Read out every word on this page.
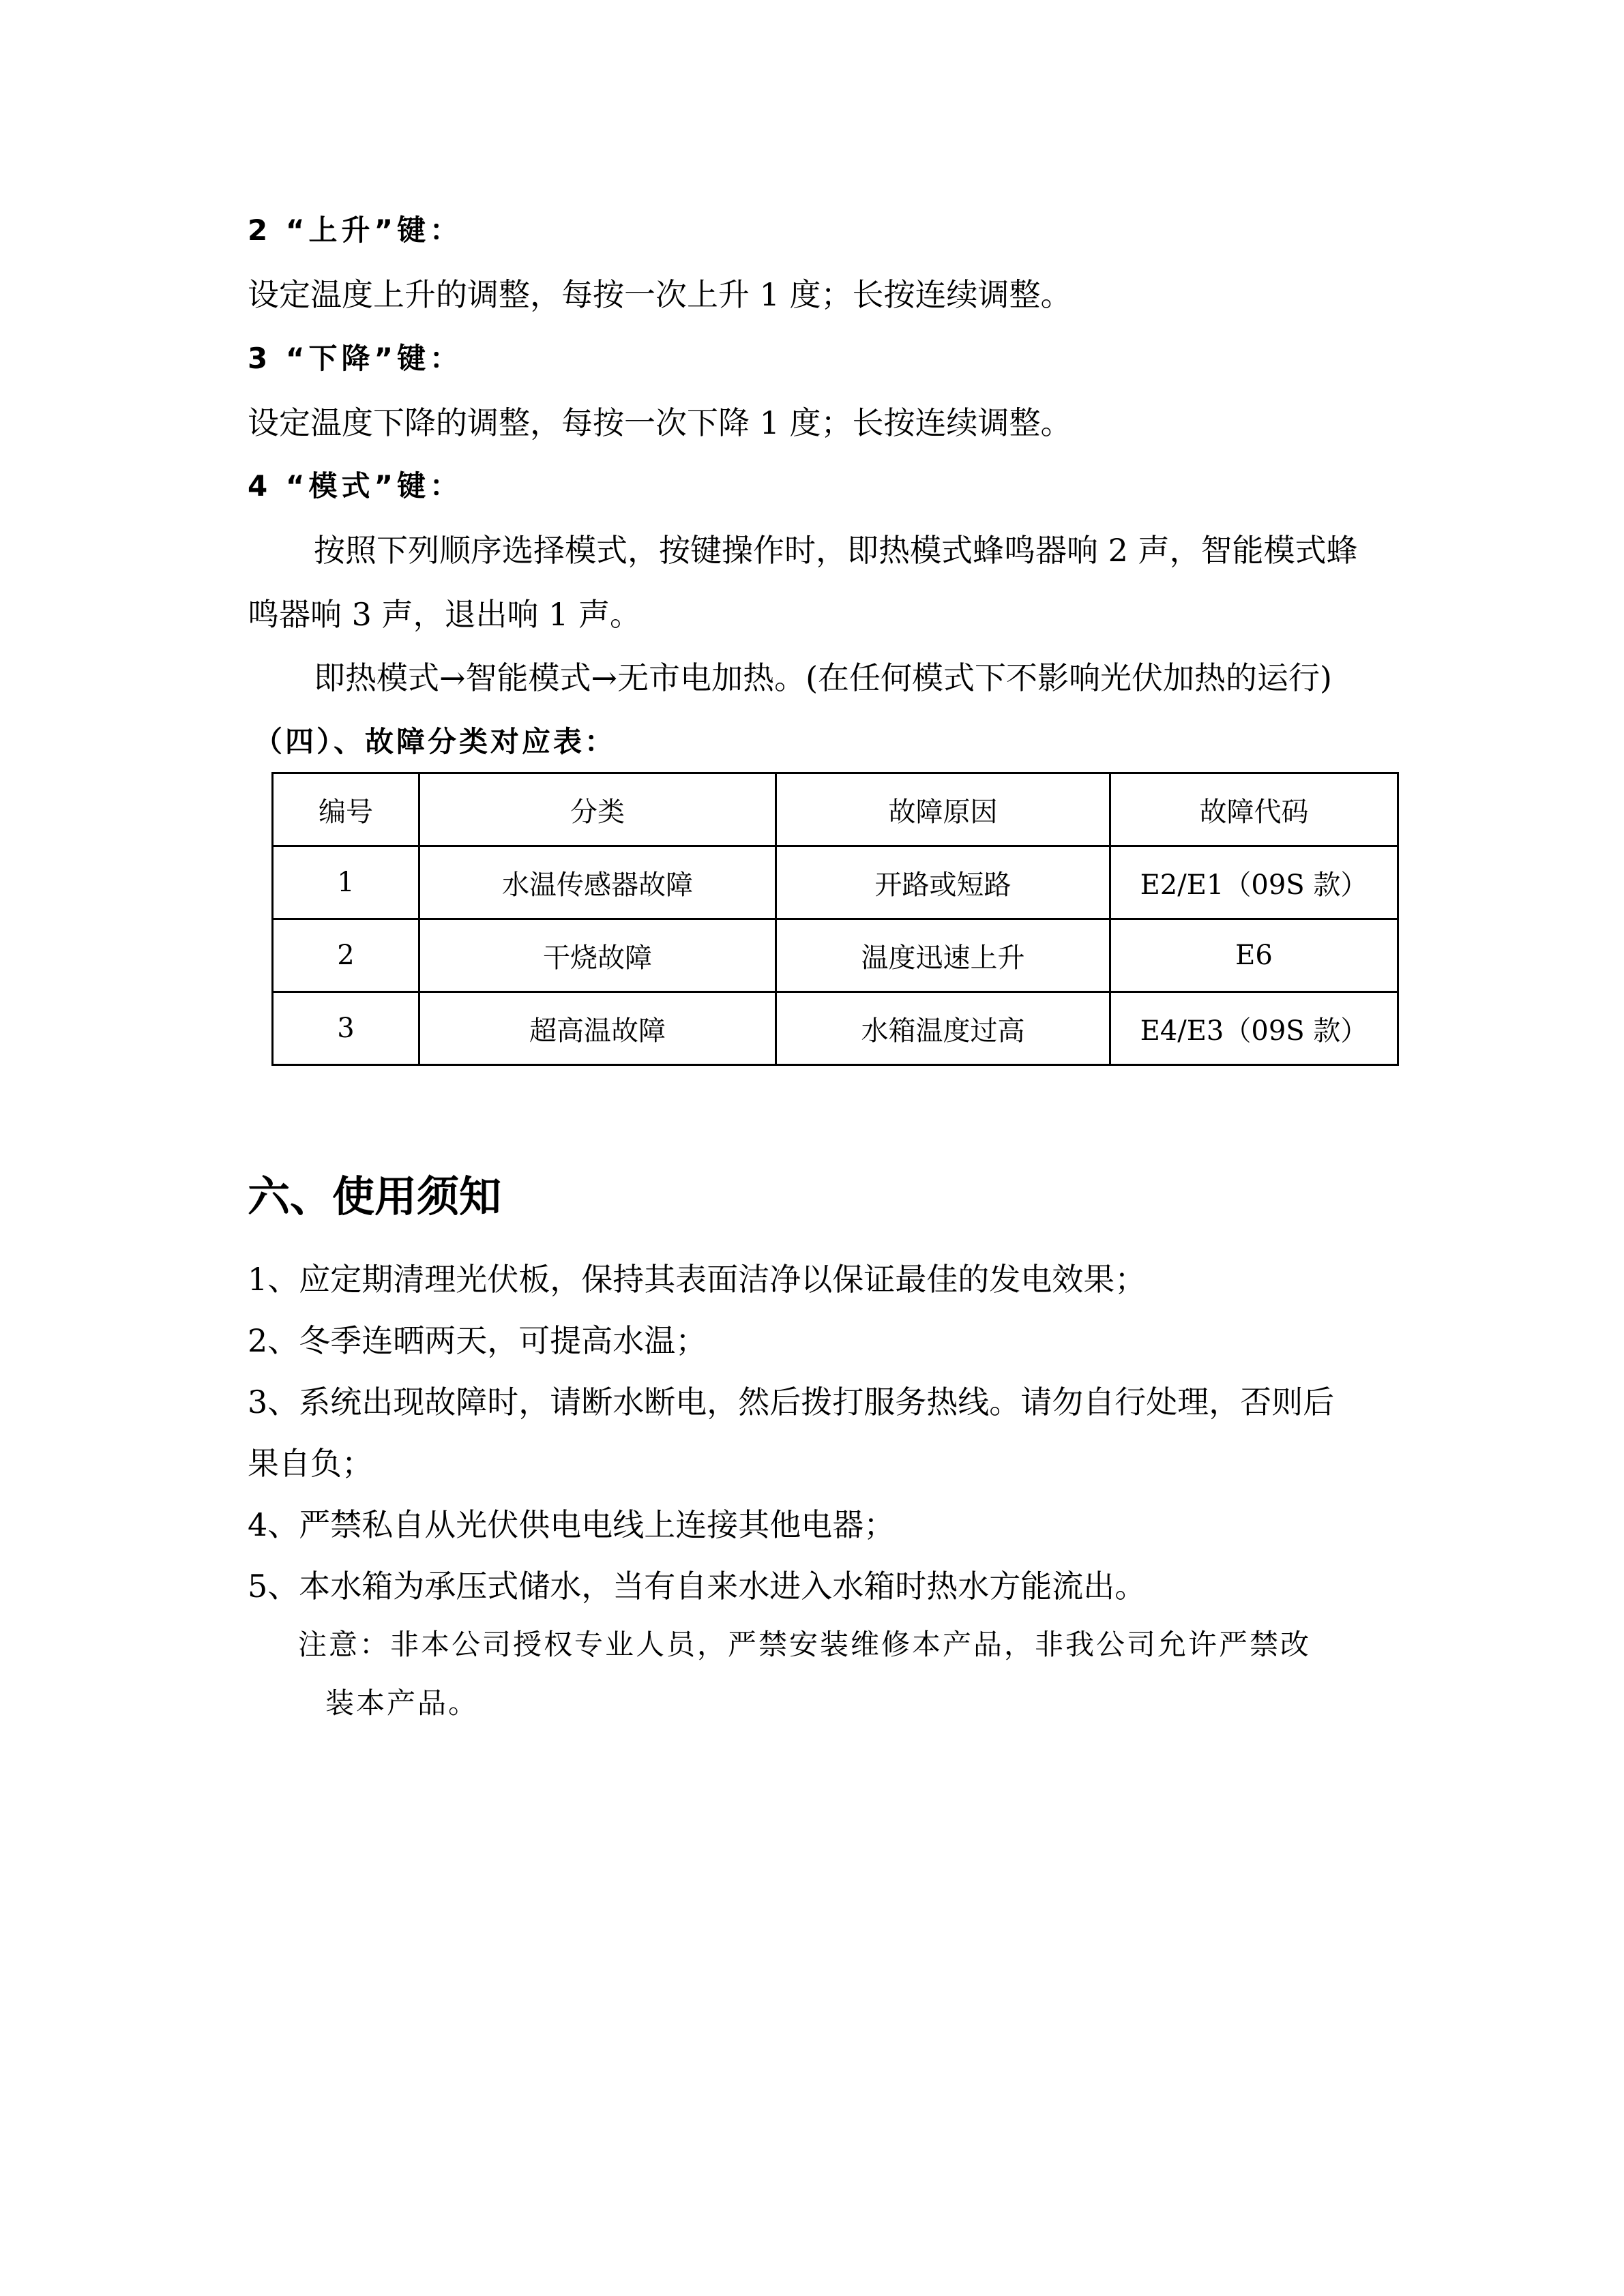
2 “上升”键：
设定温度上升的调整，每按一次上升 1 度；长按连续调整。
3 “下降”键：
设定温度下降的调整，每按一次下降 1 度；长按连续调整。
4 “模式”键：
按照下列顺序选择模式，按键操作时，即热模式蜂鸣器响 2 声，智能模式蜂
鸣器响 3 声，退出响 1 声。
即热模式→智能模式→无市电加热。(在任何模式下不影响光伏加热的运行)
（四）、故障分类对应表：
编号	分类	故障原因	故障代码
1	水温传感器故障	开路或短路	E2/E1（09S 款）
2	干烧故障	温度迅速上升	E6
3	超高温故障	水箱温度过高	E4/E3（09S 款）
六、使用须知
1、应定期清理光伏板，保持其表面洁净以保证最佳的发电效果；
2、冬季连晒两天，可提高水温；
3、系统出现故障时，请断水断电，然后拨打服务热线。请勿自行处理，否则后
果自负；
4、严禁私自从光伏供电电线上连接其他电器；
5、本水箱为承压式储水，当有自来水进入水箱时热水方能流出。
注意：非本公司授权专业人员，严禁安装维修本产品，非我公司允许严禁改
装本产品。
